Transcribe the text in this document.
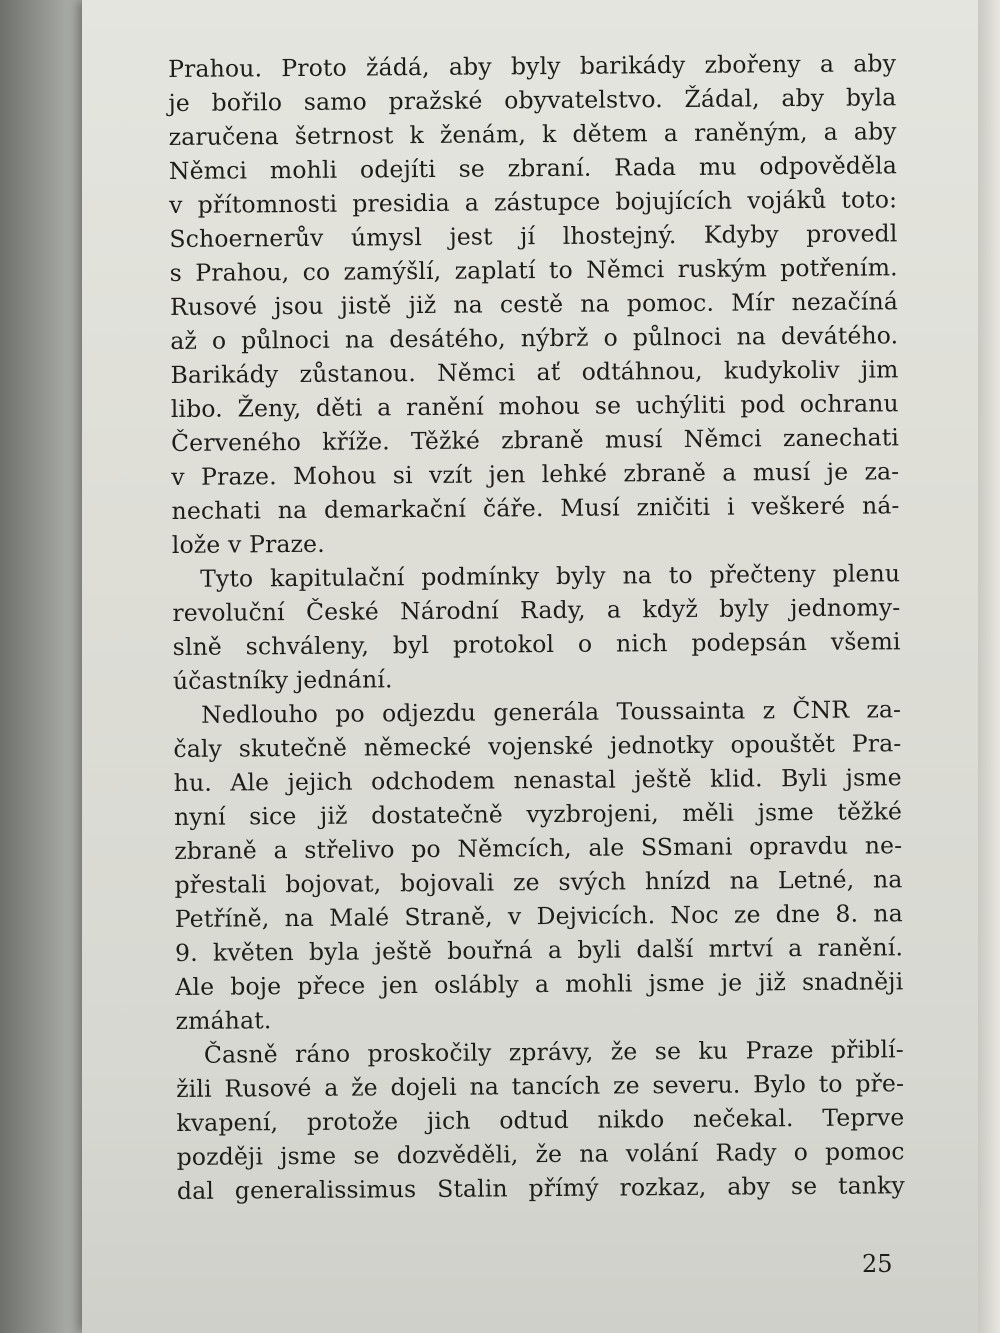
Prahou. Proto žádá, aby byly barikády zbořeny a aby
je bořilo samo pražské obyvatelstvo. Žádal, aby byla
zaručena šetrnost k ženám, k dětem a raněným, a aby
Němci mohli odejíti se zbraní. Rada mu odpověděla
v přítomnosti presidia a zástupce bojujících vojáků toto:
Schoernerův úmysl jest jí lhostejný. Kdyby provedl
s Prahou, co zamýšlí, zaplatí to Němci ruským potřením.
Rusové jsou jistě již na cestě na pomoc. Mír nezačíná
až o půlnoci na desátého, nýbrž o půlnoci na devátého.
Barikády zůstanou. Němci ať odtáhnou, kudykoliv jim
libo. Ženy, děti a ranění mohou se uchýliti pod ochranu
Červeného kříže. Těžké zbraně musí Němci zanechati
v Praze. Mohou si vzít jen lehké zbraně a musí je za-
nechati na demarkační čáře. Musí zničiti i veškeré ná-
lože v Praze.
Tyto kapitulační podmínky byly na to přečteny plenu
revoluční České Národní Rady, a když byly jednomy-
slně schváleny, byl protokol o nich podepsán všemi
účastníky jednání.
Nedlouho po odjezdu generála Toussainta z ČNR za-
čaly skutečně německé vojenské jednotky opouštět Pra-
hu. Ale jejich odchodem nenastal ještě klid. Byli jsme
nyní sice již dostatečně vyzbrojeni, měli jsme těžké
zbraně a střelivo po Němcích, ale SSmani opravdu ne-
přestali bojovat, bojovali ze svých hnízd na Letné, na
Petříně, na Malé Straně, v Dejvicích. Noc ze dne 8. na
9. květen byla ještě bouřná a byli další mrtví a ranění.
Ale boje přece jen oslábly a mohli jsme je již snadněji
zmáhat.
Časně ráno proskočily zprávy, že se ku Praze přiblí-
žili Rusové a že dojeli na tancích ze severu. Bylo to pře-
kvapení, protože jich odtud nikdo nečekal. Teprve
později jsme se dozvěděli, že na volání Rady o pomoc
dal generalissimus Stalin přímý rozkaz, aby se tanky
25
